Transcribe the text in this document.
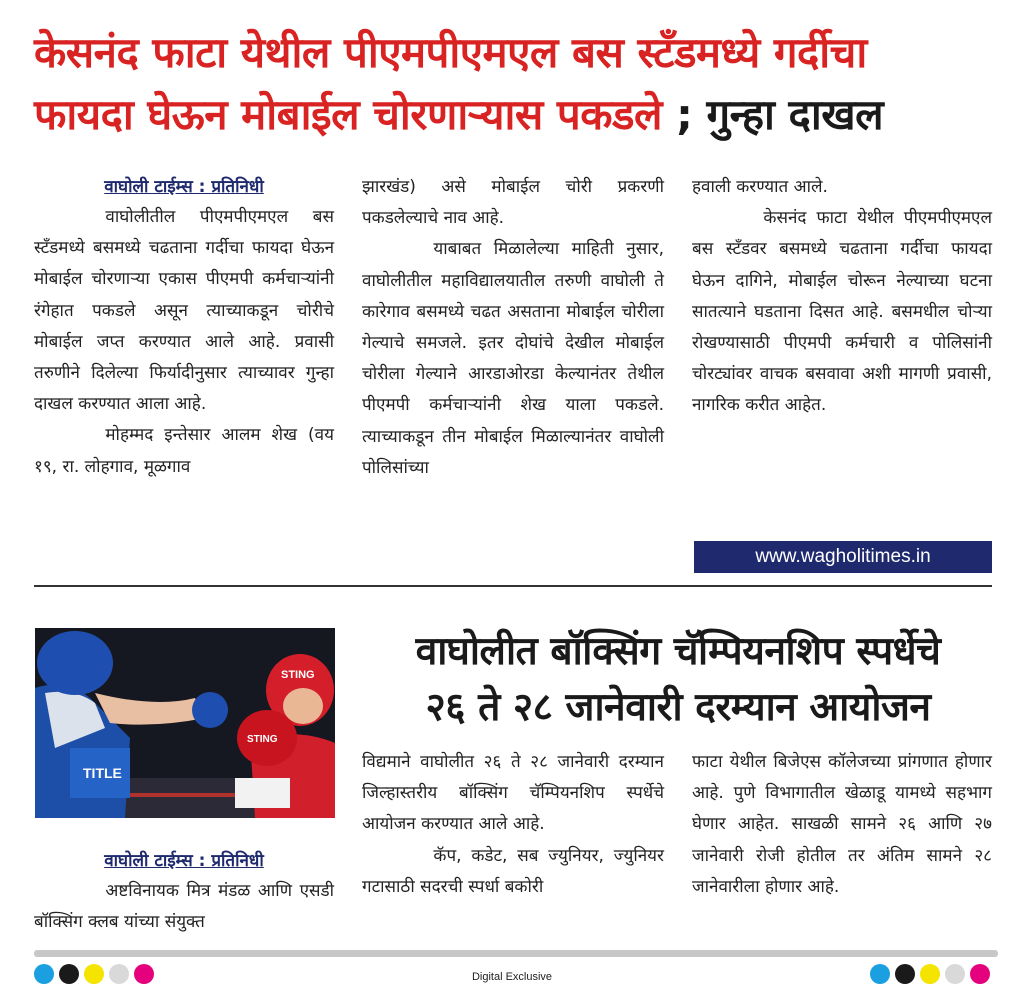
केसनंद फाटा येथील पीएमपीएमएल बस स्टँडमध्ये गर्दीचा
फायदा घेऊन मोबाईल चोरणाऱ्यास पकडले ; गुन्हा दाखल
वाघोली टाईम्स : प्रतिनिधी

वाघोलीतील पीएमपीएमएल बस स्टँडमध्ये बसमध्ये चढताना गर्दीचा फायदा घेऊन मोबाईल चोरणाऱ्या एकास पीएमपी कर्मचाऱ्यांनी रंगेहात पकडले असून त्याच्याकडून चोरीचे मोबाईल जप्त करण्यात आले आहे. प्रवासी तरुणीने दिलेल्या फिर्यादीनुसार त्याच्यावर गुन्हा दाखल करण्यात आला आहे.

मोहम्मद इन्तेसार आलम शेख (वय १९, रा. लोहगाव, मूळगाव

झारखंड) असे मोबाईल चोरी प्रकरणी पकडलेल्याचे नाव आहे.

याबाबत मिळालेल्या माहिती नुसार, वाघोलीतील महाविद्यालयातील तरुणी वाघोली ते कारेगाव बसमध्ये चढत असताना मोबाईल चोरीला गेल्याचे समजले. इतर दोघांचे देखील मोबाईल चोरीला गेल्याने आरडाओरडा केल्यानंतर तेथील पीएमपी कर्मचाऱ्यांनी शेख याला पकडले. त्याच्याकडून तीन मोबाईल मिळाल्यानंतर वाघोली पोलिसांच्या

हवाली करण्यात आले.

केसनंद फाटा येथील पीएमपीएमएल बस स्टँडवर बसमध्ये चढताना गर्दीचा फायदा घेऊन दागिने, मोबाईल चोरून नेल्याच्या घटना सातत्याने घडताना दिसत आहे. बसमधील चोऱ्या रोखण्यासाठी पीएमपी कर्मचारी व पोलिसांनी चोरट्यांवर वाचक बसवावा अशी मागणी प्रवासी, नागरिक करीत आहेत.

www.wagholitimes.in
TITLE
STING
STING
वाघोलीत बॉक्सिंग चॅम्पियनशिप स्पर्धेचे
२६ ते २८ जानेवारी दरम्यान आयोजन
वाघोली टाईम्स : प्रतिनिधी

अष्टविनायक मित्र मंडळ आणि एसडी बॉक्सिंग क्लब यांच्या संयुक्त

विद्यमाने वाघोलीत २६ ते २८ जानेवारी दरम्यान जिल्हास्तरीय बॉक्सिंग चॅम्पियनशिप स्पर्धेचे आयोजन करण्यात आले आहे.

कॅप, कडेट, सब ज्युनियर, ज्युनियर गटासाठी सदरची स्पर्धा बकोरी

फाटा येथील बिजेएस कॉलेजच्या प्रांगणात होणार आहे. पुणे विभागातील खेळाडू यामध्ये सहभाग घेणार आहेत. साखळी सामने २६ आणि २७ जानेवारी रोजी होतील तर अंतिम सामने २८ जानेवारीला होणार आहे.

Digital Exclusive
